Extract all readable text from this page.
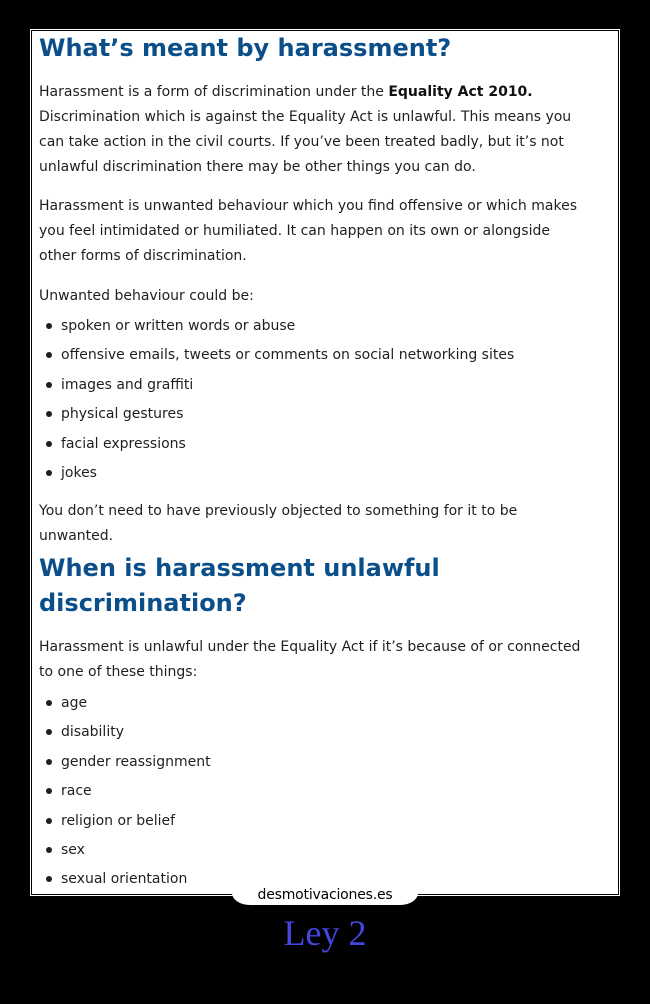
What’s meant by harassment?

Harassment is a form of discrimination under the Equality Act 2010. Discrimination which is against the Equality Act is unlawful. This means you can take action in the civil courts. If you’ve been treated badly, but it’s not unlawful discrimination there may be other things you can do.

Harassment is unwanted behaviour which you find offensive or which makes you feel intimidated or humiliated. It can happen on its own or alongside other forms of discrimination.

Unwanted behaviour could be:

spoken or written words or abuse
offensive emails, tweets or comments on social networking sites
images and graffiti
physical gestures
facial expressions
jokes

You don’t need to have previously objected to something for it to be unwanted.

When is harassment unlawful discrimination?

Harassment is unlawful under the Equality Act if it’s because of or connected to one of these things:

age
disability
gender reassignment
race
religion or belief
sex
sexual orientation
desmotivaciones.es
Ley 2
